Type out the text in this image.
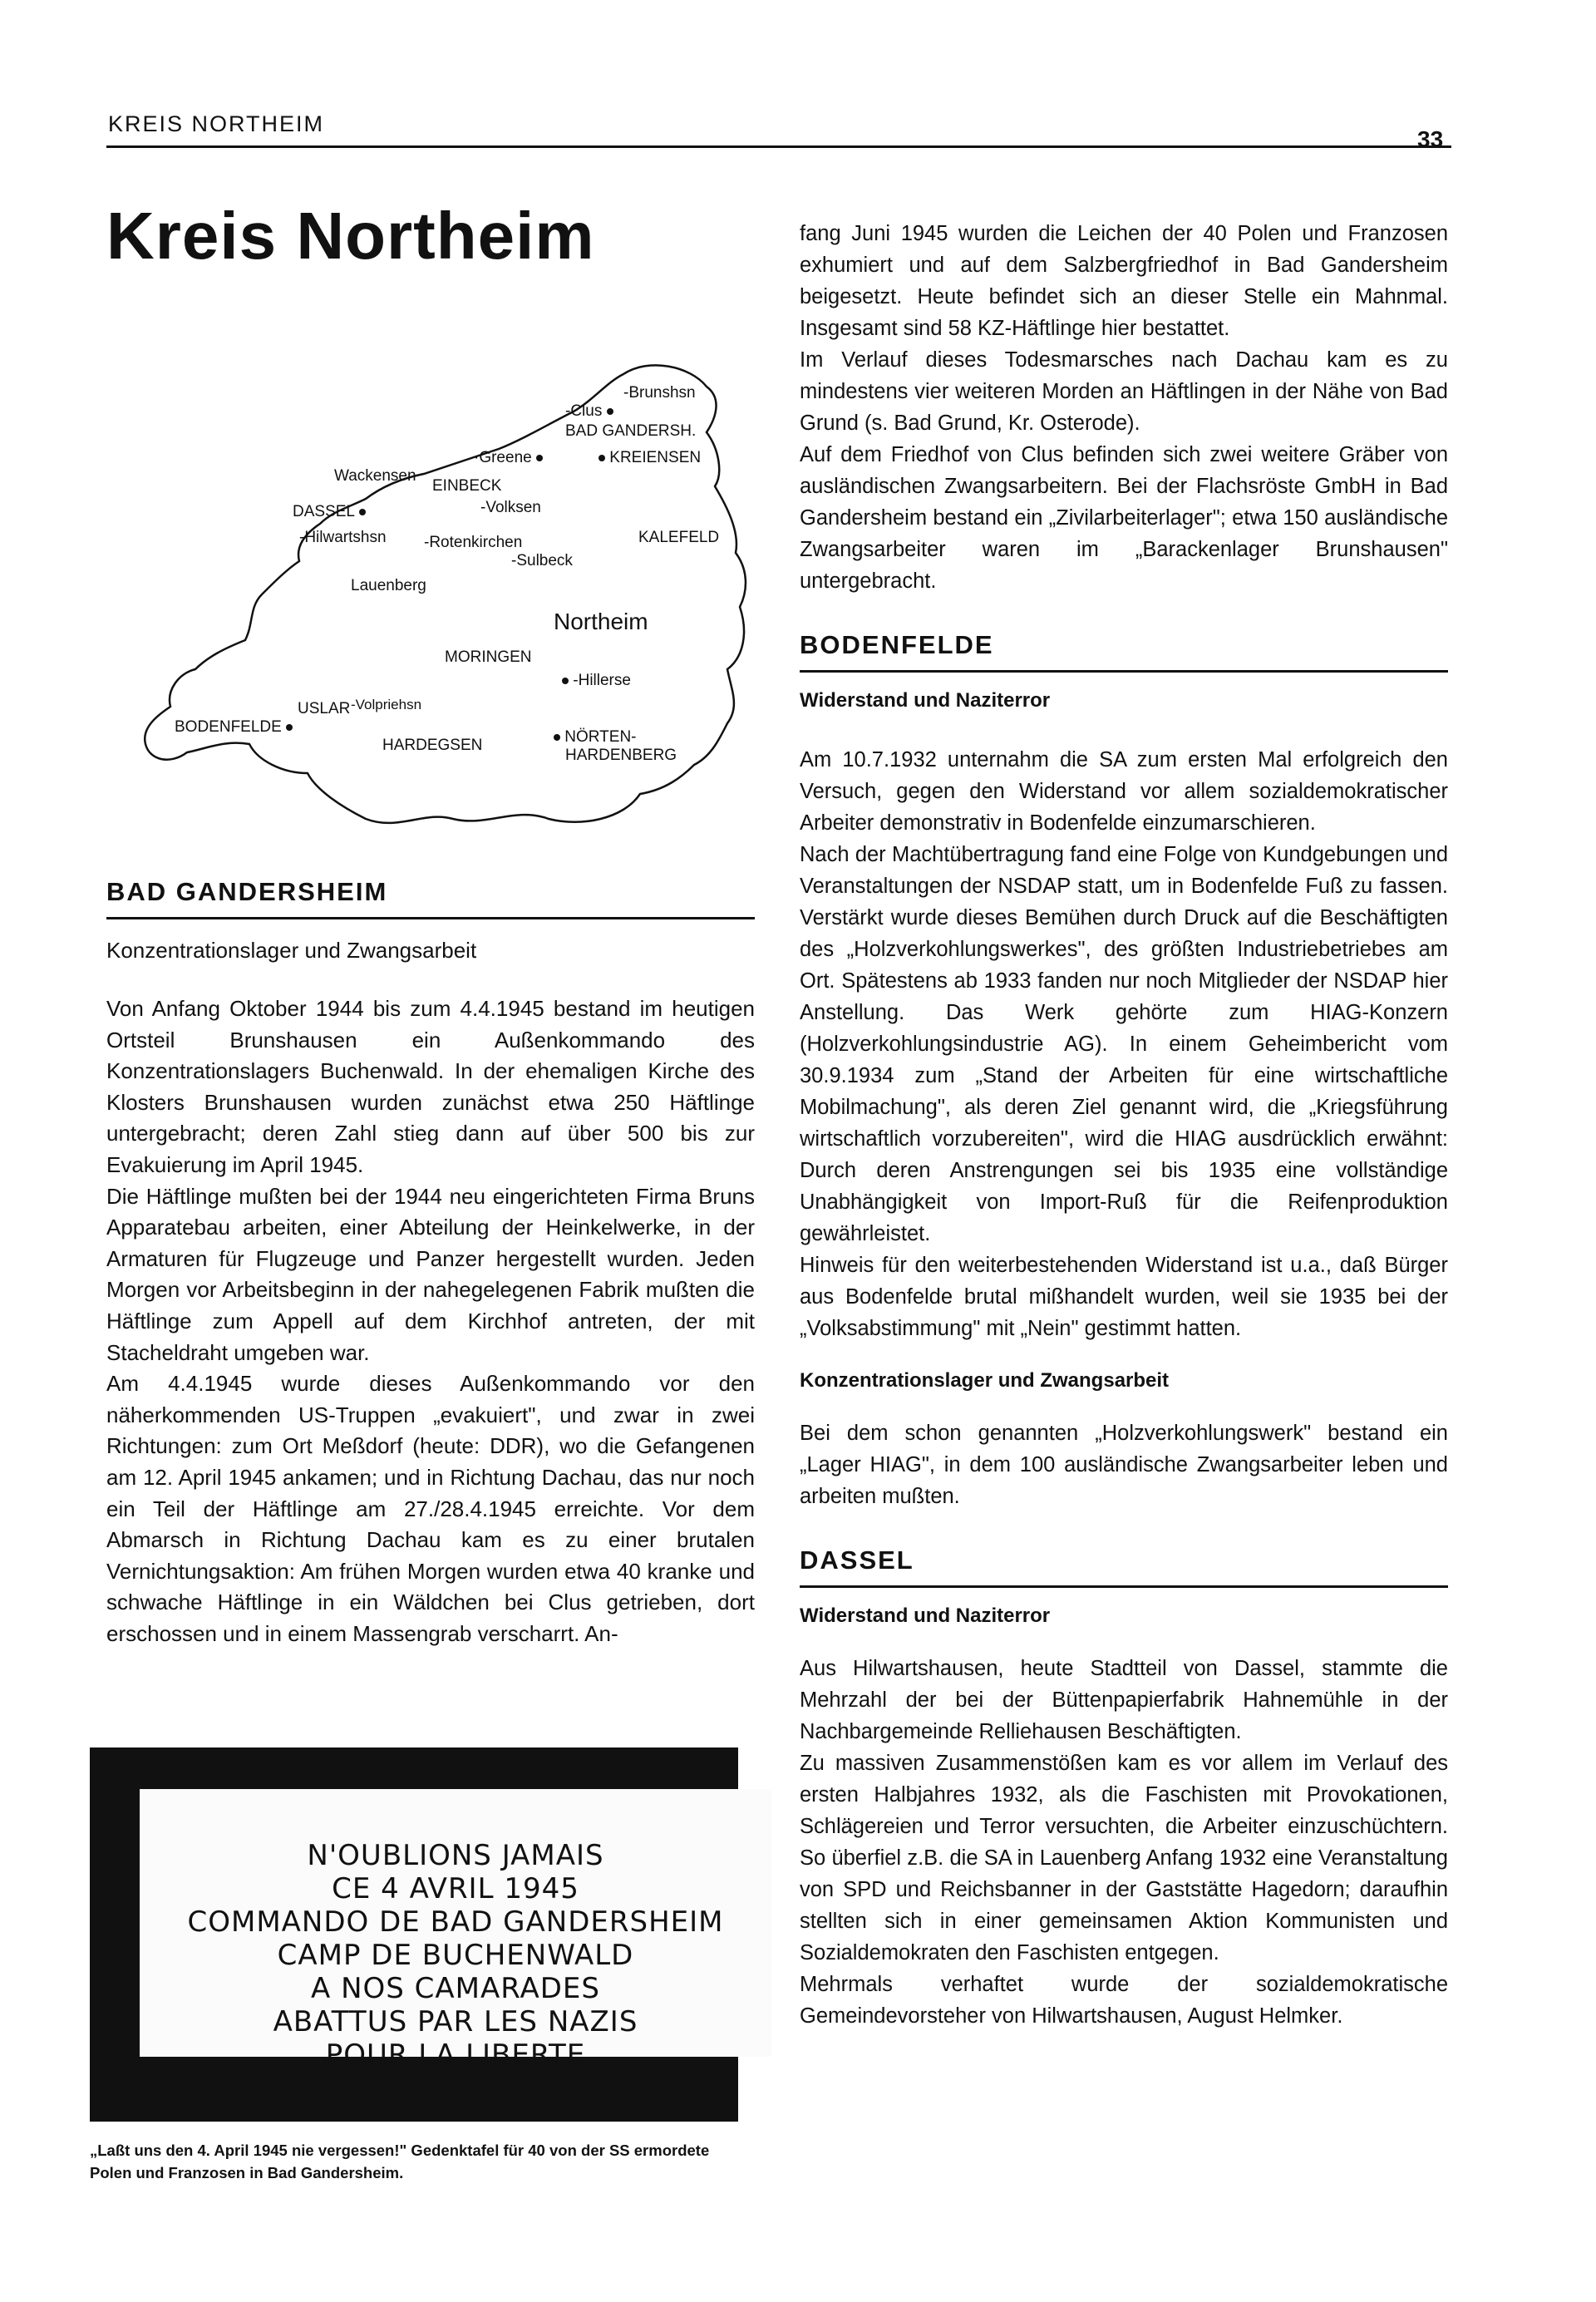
KREIS NORTHEIM
33
Kreis Northeim
-Brunshsn
-Clus
BAD GANDERSH.
·Greene	KREIENSEN
Wackensen
EINBECK
-Volksen
DASSEL
-Hilwartshsn -Rotenkirchen	KALEFELD
-Sulbeck
Lauenberg
Northeim
MORINGEN
-Hillerse
USLAR -Volpriehsn
BODENFELDE
HARDEGSEN	NÖRTEN-
HARDENBERG
BAD GANDERSHEIM

Konzentrationslager und Zwangsarbeit

Von Anfang Oktober 1944 bis zum 4.4.1945 bestand im heutigen Ortsteil Brunshausen ein Außenkommando des Konzentrationslagers Buchenwald. In der ehemaligen Kirche des Klosters Brunshausen wurden zunächst etwa 250 Häftlinge untergebracht; deren Zahl stieg dann auf über 500 bis zur Evakuierung im April 1945.

Die Häftlinge mußten bei der 1944 neu eingerichteten Firma Bruns Apparatebau arbeiten, einer Abteilung der Heinkelwerke, in der Armaturen für Flugzeuge und Panzer hergestellt wurden. Jeden Morgen vor Arbeitsbeginn in der nahegelegenen Fabrik mußten die Häftlinge zum Appell auf dem Kirchhof antreten, der mit Stacheldraht umgeben war.

Am 4.4.1945 wurde dieses Außenkommando vor den näherkommenden US-Truppen „evakuiert", und zwar in zwei Richtungen: zum Ort Meßdorf (heute: DDR), wo die Gefangenen am 12. April 1945 ankamen; und in Richtung Dachau, das nur noch ein Teil der Häftlinge am 27./28.4.1945 erreichte. Vor dem Abmarsch in Richtung Dachau kam es zu einer brutalen Vernichtungsaktion: Am frühen Morgen wurden etwa 40 kranke und schwache Häftlinge in ein Wäldchen bei Clus getrieben, dort erschossen und in einem Massengrab verscharrt. An-

N'OUBLIONS JAMAIS
CE 4 AVRIL 1945
COMMANDO DE BAD GANDERSHEIM
CAMP DE BUCHENWALD
A NOS CAMARADES
ABATTUS PAR LES NAZIS
POUR LA LIBERTE
♱
„Laßt uns den 4. April 1945 nie vergessen!" Gedenktafel für 40 von der SS ermordete Polen und Franzosen in Bad Gandersheim.

fang Juni 1945 wurden die Leichen der 40 Polen und Franzosen exhumiert und auf dem Salzbergfriedhof in Bad Gandersheim beigesetzt. Heute befindet sich an dieser Stelle ein Mahnmal. Insgesamt sind 58 KZ-Häftlinge hier bestattet.

Im Verlauf dieses Todesmarsches nach Dachau kam es zu mindestens vier weiteren Morden an Häftlingen in der Nähe von Bad Grund (s. Bad Grund, Kr. Osterode).

Auf dem Friedhof von Clus befinden sich zwei weitere Gräber von ausländischen Zwangsarbeitern. Bei der Flachsröste GmbH in Bad Gandersheim bestand ein „Zivilarbeiterlager"; etwa 150 ausländische Zwangsarbeiter waren im „Barackenlager Brunshausen" untergebracht.

BODENFELDE

Widerstand und Naziterror

Am 10.7.1932 unternahm die SA zum ersten Mal erfolgreich den Versuch, gegen den Widerstand vor allem sozialdemokratischer Arbeiter demonstrativ in Bodenfelde einzumarschieren.

Nach der Machtübertragung fand eine Folge von Kundgebungen und Veranstaltungen der NSDAP statt, um in Bodenfelde Fuß zu fassen. Verstärkt wurde dieses Bemühen durch Druck auf die Beschäftigten des „Holzverkohlungswerkes", des größten Industriebetriebes am Ort. Spätestens ab 1933 fanden nur noch Mitglieder der NSDAP hier Anstellung. Das Werk gehörte zum HIAG-Konzern (Holzverkohlungsindustrie AG). In einem Geheimbericht vom 30.9.1934 zum „Stand der Arbeiten für eine wirtschaftliche Mobilmachung", als deren Ziel genannt wird, die „Kriegsführung wirtschaftlich vorzubereiten", wird die HIAG ausdrücklich erwähnt: Durch deren Anstrengungen sei bis 1935 eine vollständige Unabhängigkeit von Import-Ruß für die Reifenproduktion gewährleistet.

Hinweis für den weiterbestehenden Widerstand ist u.a., daß Bürger aus Bodenfelde brutal mißhandelt wurden, weil sie 1935 bei der „Volksabstimmung" mit „Nein" gestimmt hatten.

Konzentrationslager und Zwangsarbeit

Bei dem schon genannten „Holzverkohlungswerk" bestand ein „Lager HIAG", in dem 100 ausländische Zwangsarbeiter leben und arbeiten mußten.

DASSEL

Widerstand und Naziterror

Aus Hilwartshausen, heute Stadtteil von Dassel, stammte die Mehrzahl der bei der Büttenpapierfabrik Hahnemühle in der Nachbargemeinde Relliehausen Beschäftigten.

Zu massiven Zusammenstößen kam es vor allem im Verlauf des ersten Halbjahres 1932, als die Faschisten mit Provokationen, Schlägereien und Terror versuchten, die Arbeiter einzuschüchtern. So überfiel z.B. die SA in Lauenberg Anfang 1932 eine Veranstaltung von SPD und Reichsbanner in der Gaststätte Hagedorn; daraufhin stellten sich in einer gemeinsamen Aktion Kommunisten und Sozialdemokraten den Faschisten entgegen.

Mehrmals verhaftet wurde der sozialdemokratische Gemeindevorsteher von Hilwartshausen, August Helmker.
